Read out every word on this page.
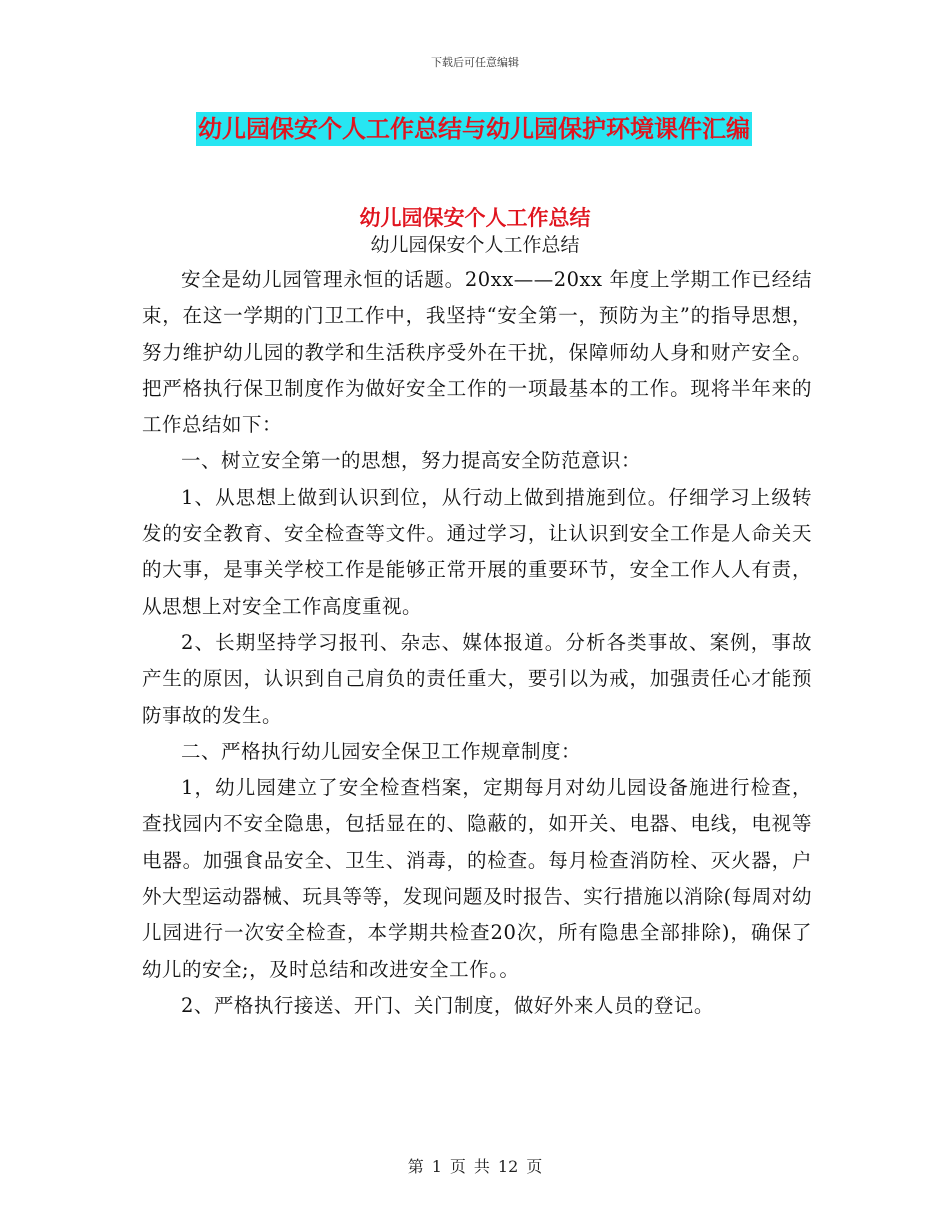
下载后可任意编辑
幼儿园保安个人工作总结与幼儿园保护环境课件汇编
幼儿园保安个人工作总结
幼儿园保安个人工作总结

安全是幼儿园管理永恒的话题。20xx——20xx 年度上学期工作已经结束，在这一学期的门卫工作中，我坚持“安全第一，预防为主”的指导思想，努力维护幼儿园的教学和生活秩序受外在干扰，保障师幼人身和财产安全。把严格执行保卫制度作为做好安全工作的一项最基本的工作。现将半年来的工作总结如下：

一、树立安全第一的思想，努力提高安全防范意识：

1、从思想上做到认识到位，从行动上做到措施到位。仔细学习上级转发的安全教育、安全检查等文件。通过学习，让认识到安全工作是人命关天的大事，是事关学校工作是能够正常开展的重要环节，安全工作人人有责，从思想上对安全工作高度重视。

2、长期坚持学习报刊、杂志、媒体报道。分析各类事故、案例，事故产生的原因，认识到自己肩负的责任重大，要引以为戒，加强责任心才能预防事故的发生。

二、严格执行幼儿园安全保卫工作规章制度：

1，幼儿园建立了安全检查档案，定期每月对幼儿园设备施进行检查，查找园内不安全隐患，包括显在的、隐蔽的，如开关、电器、电线，电视等电器。加强食品安全、卫生、消毒，的检查。每月检查消防栓、灭火器，户外大型运动器械、玩具等等，发现问题及时报告、实行措施以消除(每周对幼儿园进行一次安全检查，本学期共检查20次，所有隐患全部排除)，确保了幼儿的安全;，及时总结和改进安全工作。。

2、严格执行接送、开门、关门制度，做好外来人员的登记。

第 1 页 共 12 页
